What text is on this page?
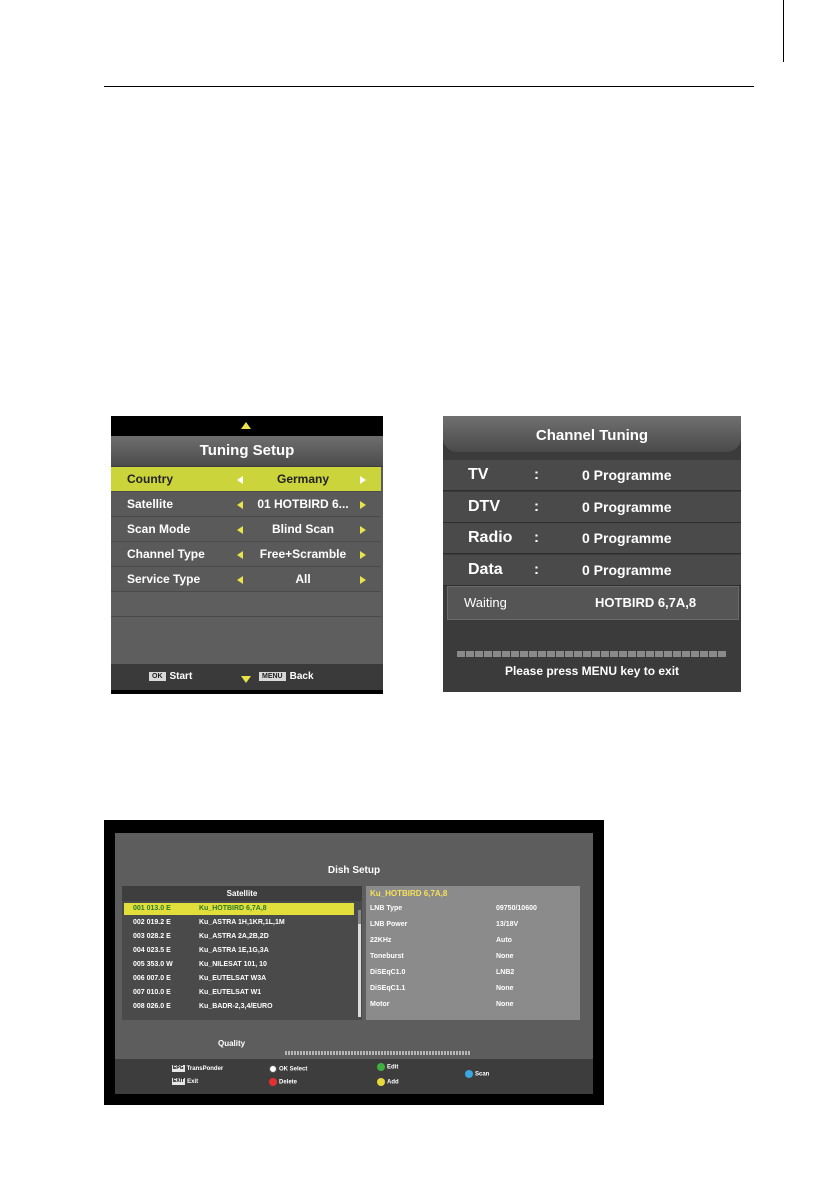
Tuning Setup
Country	Germany
Satellite	01 HOTBIRD 6...
Scan Mode	Blind Scan
Channel Type	Free+Scramble
Service Type	All
OK Start	MENU Back
Channel Tuning
TV	:	0 Programme
DTV :	0 Programme
Radio :	0 Programme
Data :	0 Programme
Waiting	HOTBIRD 6,7A,8
Please press MENU key to exit
Dish Setup
Satellite
001 013.0 E	Ku_HOTBIRD 6,7A,8
002 019.2 E	Ku_ASTRA 1H,1KR,1L,1M
003 028.2 E	Ku_ASTRA 2A,2B,2D
004 023.5 E	Ku_ASTRA 1E,1G,3A
005 353.0 W	Ku_NILESAT 101, 10
006 007.0 E	Ku_EUTELSAT W3A
007 010.0 E	Ku_EUTELSAT W1
008 026.0 E	Ku_BADR-2,3,4/EURO
Ku_HOTBIRD 6,7A,8
LNB Type	09750/10600
LNB Power	13/18V
22KHz	Auto
Toneburst	None
DiSEqC1.0	LNB2
DiSEqC1.1	None
Motor	None
Quality
EPG TransPonder
EXIT Exit
OK Select
Delete
Edit
Add
Scan
